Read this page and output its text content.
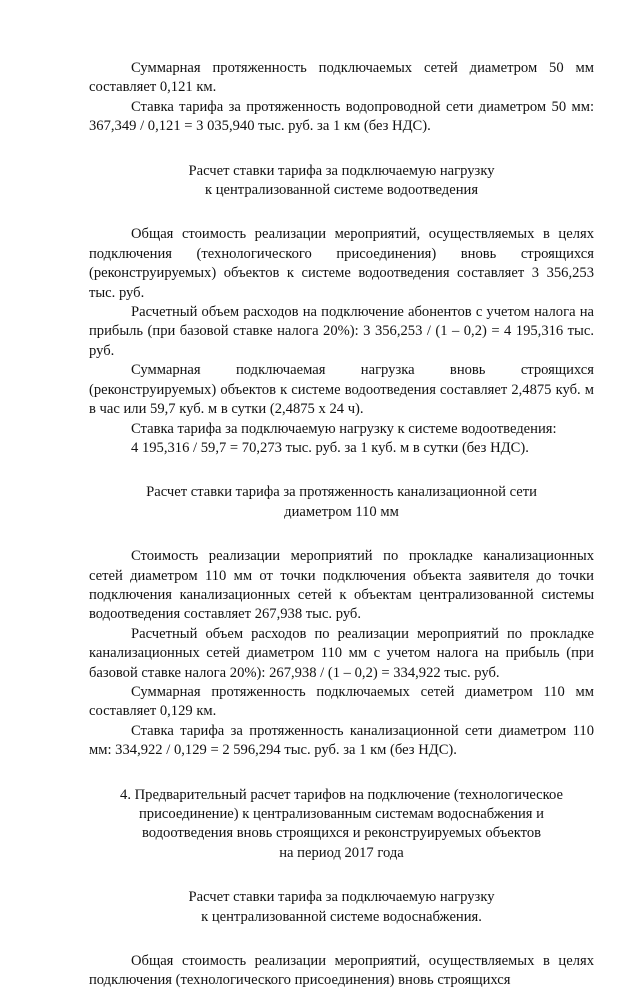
Суммарная протяженность подключаемых сетей диаметром 50 мм составляет 0,121 км.

Ставка тарифа за протяженность водопроводной сети диаметром 50 мм: 367,349 / 0,121 = 3 035,940 тыс. руб. за 1 км (без НДС).

Расчет ставки тарифа за подключаемую нагрузку

к централизованной системе водоотведения

Общая стоимость реализации мероприятий, осуществляемых в целях подключения (технологического присоединения) вновь строящихся (реконструируемых) объектов к системе водоотведения составляет 3 356,253 тыс. руб.

Расчетный объем расходов на подключение абонентов с учетом налога на прибыль (при базовой ставке налога 20%): 3 356,253 / (1 – 0,2) = 4 195,316 тыс. руб.

Суммарная подключаемая нагрузка вновь строящихся (реконструируемых) объектов к системе водоотведения составляет 2,4875 куб. м в час или 59,7 куб. м в сутки (2,4875 х 24 ч).

Ставка тарифа за подключаемую нагрузку к системе водоотведения:

4 195,316 / 59,7 = 70,273 тыс. руб. за 1 куб. м в сутки (без НДС).

Расчет ставки тарифа за протяженность канализационной сети

диаметром 110 мм

Стоимость реализации мероприятий по прокладке канализационных сетей диаметром 110 мм от точки подключения объекта заявителя до точки подключения канализационных сетей к объектам централизованной системы водоотведения составляет 267,938 тыс. руб.

Расчетный объем расходов по реализации мероприятий по прокладке канализационных сетей диаметром 110 мм с учетом налога на прибыль (при базовой ставке налога 20%): 267,938 / (1 – 0,2) = 334,922 тыс. руб.

Суммарная протяженность подключаемых сетей диаметром 110 мм составляет 0,129 км.

Ставка тарифа за протяженность канализационной сети диаметром 110 мм: 334,922 / 0,129 = 2 596,294 тыс. руб. за 1 км (без НДС).

4. Предварительный расчет тарифов на подключение (технологическое

присоединение) к централизованным системам водоснабжения и

водоотведения вновь строящихся и реконструируемых объектов

на период 2017 года

Расчет ставки тарифа за подключаемую нагрузку

к централизованной системе водоснабжения.

Общая стоимость реализации мероприятий, осуществляемых в целях подключения (технологического присоединения) вновь строящихся
